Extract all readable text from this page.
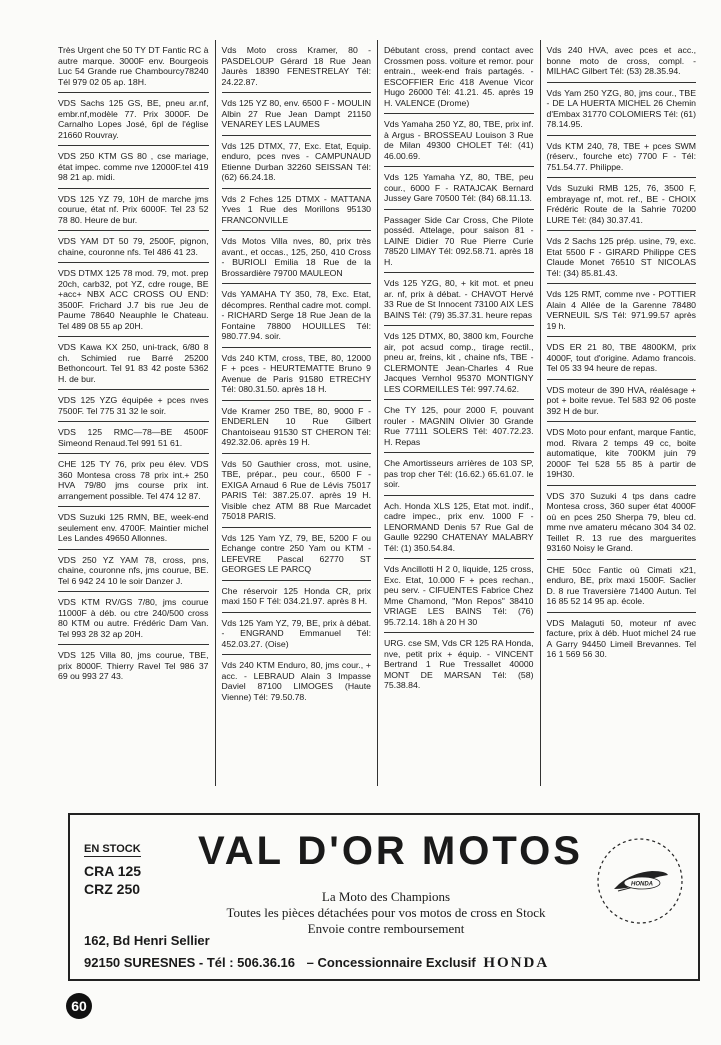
Très Urgent che 50 TY DT Fantic RC à autre marque. 3000F env. Bourgeois Luc 54 Grande rue Chambourcy78240 Tél 979 02 05 ap. 18H.
VDS Sachs 125 GS, BE, pneu ar.nf, embr.nf,modèle 77. Prix 3000F. De Carnalho Lopes José, 6pl de l'église 21660 Rouvray.
VDS 250 KTM GS 80 , cse mariage, état impec. comme nve 12000F.tel 419 98 21 ap. midi.
VDS 125 YZ 79, 10H de marche jms courue, état nf. Prix 6000F. Tel 23 52 78 80. Heure de bur.
VDS YAM DT 50 79, 2500F, pignon, chaine, couronne nfs. Tel 486 41 23.
VDS DTMX 125 78 mod. 79, mot. prep 20ch, carb32, pot YZ, cdre rouge, BE +acc+ NBX ACC CROSS OU END: 3500F. Frichard J.7 bis rue Jeu de Paume 78640 Neauphle le Chateau. Tel 489 08 55 ap 20H.
VDS Kawa KX 250, uni-track, 6/80 8 ch. Schimied rue Barré 25200 Bethoncourt. Tel 91 83 42 poste 5362 H. de bur.
VDS 125 YZG équipée + pces nves 7500F. Tel 775 31 32 le soir.
VDS 125 RMC—78—BE 4500F Simeond Renaud.Tel 991 51 61.
CHE 125 TY 76, prix peu élev. VDS 360 Montesa cross 78 prix int.+ 250 HVA 79/80 jms course prix int. arrangement possible. Tel 474 12 87.
VDS Suzuki 125 RMN, BE, week-end seulement env. 4700F. Maintier michel Les Landes 49650 Allonnes.
VDS 250 YZ YAM 78, cross, pns, chaine, couronne nfs, jms courue, BE. Tel 6 942 24 10 le soir Danzer J.
VDS KTM RV/GS 7/80, jms courue 11000F à déb. ou ctre 240/500 cross 80 KTM ou autre. Frédéric Dam Van. Tel 993 28 32 ap 20H.
VDS 125 Villa 80, jms courue, TBE, prix 8000F. Thierry Ravel Tel 986 37 69 ou 993 27 43.
Vds Moto cross Kramer, 80 - PASDELOUP Gérard 18 Rue Jean Jaurès 18390 FENESTRELAY Tél: 24.22.87.
Vds 125 YZ 80, env. 6500 F - MOULIN Albin 27 Rue Jean Dampt 21150 VENAREY LES LAUMES
Vds 125 DTMX, 77, Exc. Etat, Equip. enduro, pces nves - CAMPUNAUD Etienne Durban 32260 SEISSAN Tél: (62) 66.24.18.
Vds 2 Fches 125 DTMX - MATTANA Yves 1 Rue des Morillons 95130 FRANCONVILLE
Vds Motos Villa nves, 80, prix très avant., et occas., 125, 250, 410 Cross - BURIOLI Emilia 18 Rue de la Brossardière 79700 MAULEON
Vds YAMAHA TY 350, 78, Exc. Etat, décompres. Renthal cadre mot. compl. - RICHARD Serge 18 Rue Jean de la Fontaine 78800 HOUILLES Tél: 980.77.94. soir.
Vds 240 KTM, cross, TBE, 80, 12000 F + pces - HEURTEMATTE Bruno 9 Avenue de Paris 91580 ETRECHY Tél: 080.31.50. après 18 H.
Vde Kramer 250 TBE, 80, 9000 F - ENDERLEN 10 Rue Gilbert Chantoiseau 91530 ST CHERON Tél: 492.32.06. après 19 H.
Vds 50 Gauthier cross, mot. usine, TBE, prépar., peu cour., 6500 F - EXIGA Arnaud 6 Rue de Lévis 75017 PARIS Tél: 387.25.07. après 19 H. Visible chez ATM 88 Rue Marcadet 75018 PARIS.
Vds 125 Yam YZ, 79, BE, 5200 F ou Echange contre 250 Yam ou KTM - LEFEVRE Pascal 62770 ST GEORGES LE PARCQ
Che réservoir 125 Honda CR, prix maxi 150 F Tél: 034.21.97. après 8 H.
Vds 125 Yam YZ, 79, BE, prix à débat. - ENGRAND Emmanuel Tél: 452.03.27. (Oise)
Vds 240 KTM Enduro, 80, jms cour., + acc. - LEBRAUD Alain 3 Impasse Daviel 87100 LIMOGES (Haute Vienne) Tél: 79.50.78.
Débutant cross, prend contact avec Crossmen poss. voiture et remor. pour entrain., week-end frais partagés. - ESCOFFIER Eric 418 Avenue Vicor Hugo 26000 Tél: 41.21. 45. après 19 H. VALENCE (Drome)
Vds Yamaha 250 YZ, 80, TBE, prix inf. à Argus - BROSSEAU Louison 3 Rue de Milan 49300 CHOLET Tél: (41) 46.00.69.
Vds 125 Yamaha YZ, 80, TBE, peu cour., 6000 F - RATAJCAK Bernard Jussey Gare 70500 Tél: (84) 68.11.13.
Passager Side Car Cross, Che Pilote posséd. Attelage, pour saison 81 - LAINE Didier 70 Rue Pierre Curie 78520 LIMAY Tél: 092.58.71. après 18 H.
Vds 125 YZG, 80, + kit mot. et pneu ar. nf, prix à débat. - CHAVOT Hervé 33 Rue de St Innocent 73100 AIX LES BAINS Tél: (79) 35.37.31. heure repas
Vds 125 DTMX, 80, 3800 km, Fourche air, pot acsud comp., tirage rectil., pneu ar, freins, kit , chaine nfs, TBE - CLERMONTE Jean-Charles 4 Rue Jacques Vernhol 95370 MONTIGNY LES CORMEILLES Tél: 997.74.62.
Che TY 125, pour 2000 F, pouvant rouler - MAGNIN Olivier 30 Grande Rue 77111 SOLERS Tél: 407.72.23. H. Repas
Che Amortisseurs arrières de 103 SP, pas trop cher Tél: (16.62.) 65.61.07. le soir.
Ach. Honda XLS 125, Etat mot. indif., cadre impec., prix env. 1000 F - LENORMAND Denis 57 Rue Gal de Gaulle 92290 CHATENAY MALABRY Tél: (1) 350.54.84.
Vds Ancillotti H 2 0, liquide, 125 cross, Exc. Etat, 10.000 F + pces rechan., peu serv. - CIFUENTES Fabrice Chez Mme Chamond, "Mon Repos" 38410 VRIAGE LES BAINS Tél: (76) 95.72.14. 18h à 20 H 30
URG. cse SM, Vds CR 125 RA Honda, nve, petit prix + équip. - VINCENT Bertrand 1 Rue Tressallet 40000 MONT DE MARSAN Tél: (58) 75.38.84.
Vds 240 HVA, avec pces et acc., bonne moto de cross, compl. - MILHAC Gilbert Tél: (53) 28.35.94.
Vds Yam 250 YZG, 80, jms cour., TBE - DE LA HUERTA MICHEL 26 Chemin d'Embax 31770 COLOMIERS Tél: (61) 78.14.95.
Vds KTM 240, 78, TBE + pces SWM (réserv., fourche etc) 7700 F - Tél: 751.54.77. Philippe.
Vds Suzuki RMB 125, 76, 3500 F, embrayage nf, mot. ref., BE - CHOIX Frédéric Route de la Sahrie 70200 LURE Tél: (84) 30.37.41.
Vds 2 Sachs 125 prép. usine, 79, exc. Etat 5500 F - GIRARD Philippe CES Claude Monet 76510 ST NICOLAS Tél: (34) 85.81.43.
Vds 125 RMT, comme nve - POTTIER Alain 4 Allée de la Garenne 78480 VERNEUIL S/S Tél: 971.99.57 après 19 h.
VDS ER 21 80, TBE 4800KM, prix 4000F, tout d'origine. Adamo francois. Tel 05 33 94 heure de repas.
VDS moteur de 390 HVA, réalésage + pot + boite revue. Tel 583 92 06 poste 392 H de bur.
VDS Moto pour enfant, marque Fantic, mod. Rivara 2 temps 49 cc, boite automatique, kite 700KM juin 79 2000F Tel 528 55 85 à partir de 19H30.
VDS 370 Suzuki 4 tps dans cadre Montesa cross, 360 super état 4000F où en pces 250 Sherpa 79, bleu cd. mme nve amateru mécano 304 34 02. Teillet R. 13 rue des marguerites 93160 Noisy le Grand.
CHE 50cc Fantic où Cimati x21, enduro, BE, prix maxi 1500F. Saclier D. 8 rue Traversière 71400 Autun. Tel 16 85 52 14 95 ap. école.
VDS Malaguti 50, moteur nf avec facture, prix à déb. Huot michel 24 rue A Garry 94450 Limeil Brevannes. Tel 16 1 569 56 30.
EN STOCK
CRA 125
CRZ 250
VAL D'OR MOTOS
HONDA
La Moto des Champions
Toutes les pièces détachées pour vos motos de cross en Stock
Envoie contre remboursement
162, Bd Henri Sellier
92150 SURESNES - Tél : 506.36.16 – Concessionnaire Exclusif HONDA
60
